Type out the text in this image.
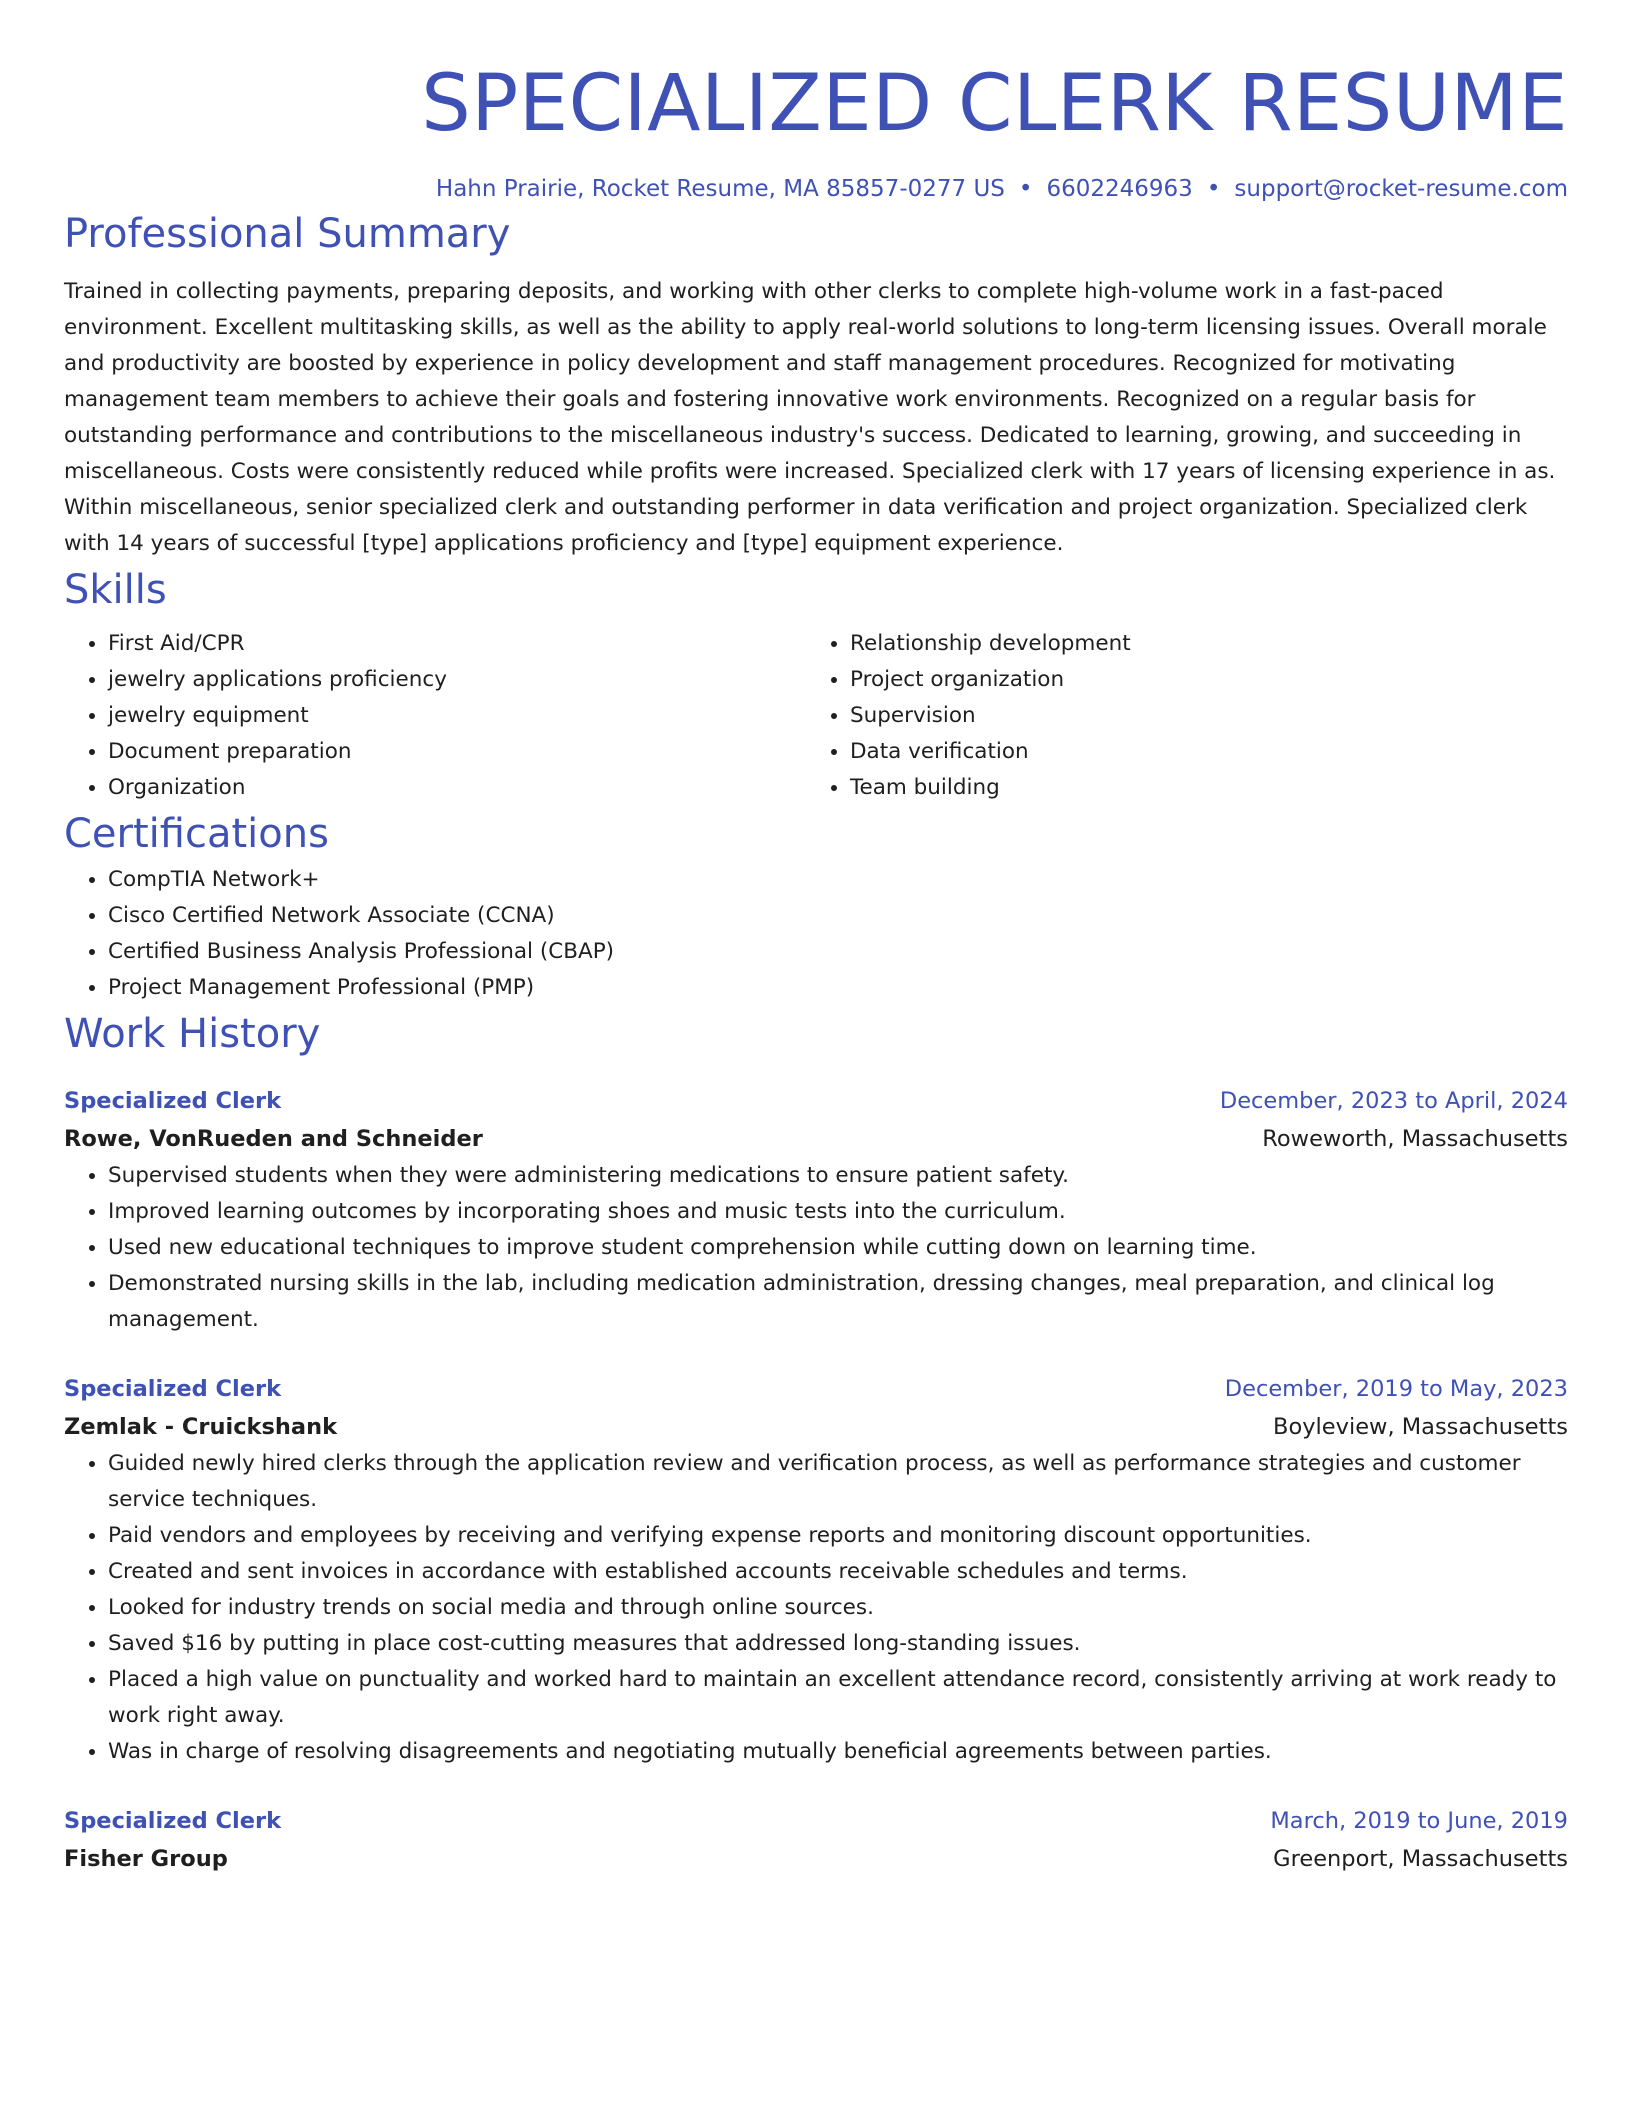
SPECIALIZED CLERK RESUME
Hahn Prairie, Rocket Resume, MA 85857-0277 US • 6602246963 • support@rocket-resume.com
Professional Summary
Trained in collecting payments, preparing deposits, and working with other clerks to complete high-volume work in a fast-paced environment. Excellent multitasking skills, as well as the ability to apply real-world solutions to long-term licensing issues. Overall morale and productivity are boosted by experience in policy development and staff management procedures. Recognized for motivating management team members to achieve their goals and fostering innovative work environments. Recognized on a regular basis for outstanding performance and contributions to the miscellaneous industry's success. Dedicated to learning, growing, and succeeding in miscellaneous. Costs were consistently reduced while profits were increased. Specialized clerk with 17 years of licensing experience in as. Within miscellaneous, senior specialized clerk and outstanding performer in data verification and project organization. Specialized clerk with 14 years of successful [type] applications proficiency and [type] equipment experience.
Skills
• First Aid/CPR
• jewelry applications proficiency
• jewelry equipment
• Document preparation
• Organization
• Relationship development
• Project organization
• Supervision
• Data verification
• Team building
Certifications
• CompTIA Network+
• Cisco Certified Network Associate (CCNA)
• Certified Business Analysis Professional (CBAP)
• Project Management Professional (PMP)
Work History
Specialized Clerk	December, 2023 to April, 2024
Rowe, VonRueden and Schneider	Roweworth, Massachusetts
• Supervised students when they were administering medications to ensure patient safety.
• Improved learning outcomes by incorporating shoes and music tests into the curriculum.
• Used new educational techniques to improve student comprehension while cutting down on learning time.
• Demonstrated nursing skills in the lab, including medication administration, dressing changes, meal preparation, and clinical log management.
Specialized Clerk	December, 2019 to May, 2023
Zemlak - Cruickshank	Boyleview, Massachusetts
• Guided newly hired clerks through the application review and verification process, as well as performance strategies and customer service techniques.
• Paid vendors and employees by receiving and verifying expense reports and monitoring discount opportunities.
• Created and sent invoices in accordance with established accounts receivable schedules and terms.
• Looked for industry trends on social media and through online sources.
• Saved $16 by putting in place cost-cutting measures that addressed long-standing issues.
• Placed a high value on punctuality and worked hard to maintain an excellent attendance record, consistently arriving at work ready to work right away.
• Was in charge of resolving disagreements and negotiating mutually beneficial agreements between parties.
Specialized Clerk	March, 2019 to June, 2019
Fisher Group	Greenport, Massachusetts
